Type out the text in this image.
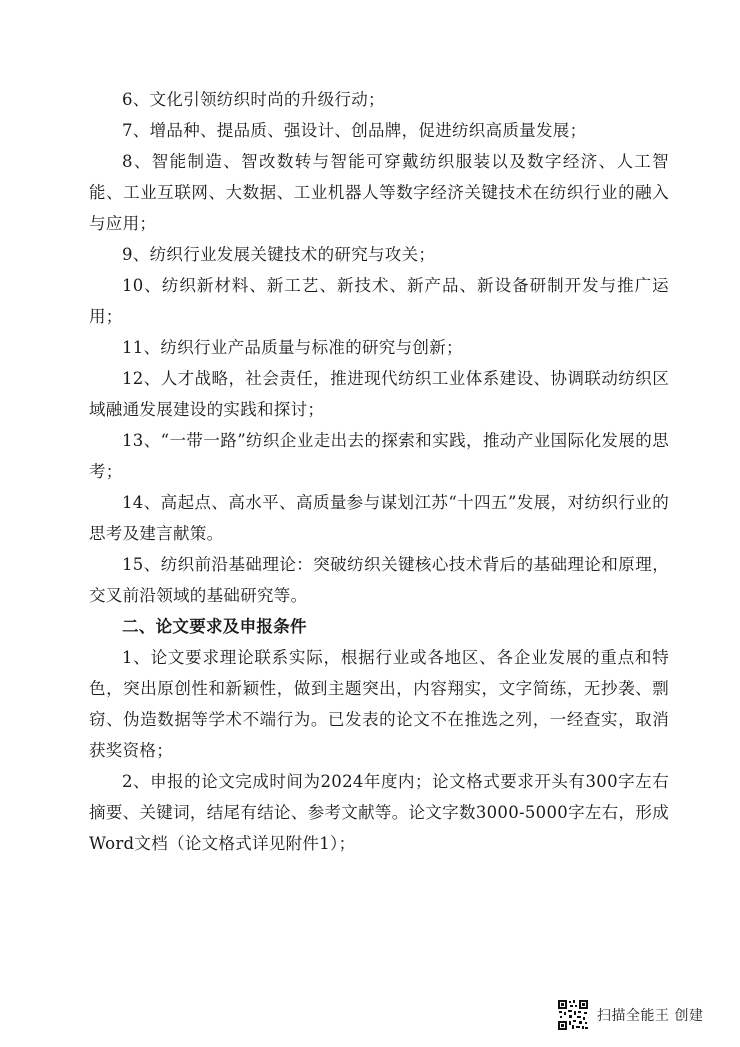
6、文化引领纺织时尚的升级行动；

7、增品种、提品质、强设计、创品牌，促进纺织高质量发展；

8、智能制造、智改数转与智能可穿戴纺织服装以及数字经济、人工智能、工业互联网、大数据、工业机器人等数字经济关键技术在纺织行业的融入与应用；

9、纺织行业发展关键技术的研究与攻关；

10、纺织新材料、新工艺、新技术、新产品、新设备研制开发与推广运用；

11、纺织行业产品质量与标准的研究与创新；

12、人才战略，社会责任，推进现代纺织工业体系建设、协调联动纺织区域融通发展建设的实践和探讨；

13、“一带一路”纺织企业走出去的探索和实践，推动产业国际化发展的思考；

14、高起点、高水平、高质量参与谋划江苏“十四五”发展，对纺织行业的思考及建言献策。

15、纺织前沿基础理论：突破纺织关键核心技术背后的基础理论和原理，交叉前沿领域的基础研究等。

二、论文要求及申报条件

1、论文要求理论联系实际，根据行业或各地区、各企业发展的重点和特色，突出原创性和新颖性，做到主题突出，内容翔实，文字简练，无抄袭、剽窃、伪造数据等学术不端行为。已发表的论文不在推选之列，一经查实，取消获奖资格；

2、申报的论文完成时间为2024年度内；论文格式要求开头有300字左右摘要、关键词，结尾有结论、参考文献等。论文字数3000-5000字左右，形成Word文档（论文格式详见附件1）；

扫描全能王 创建
